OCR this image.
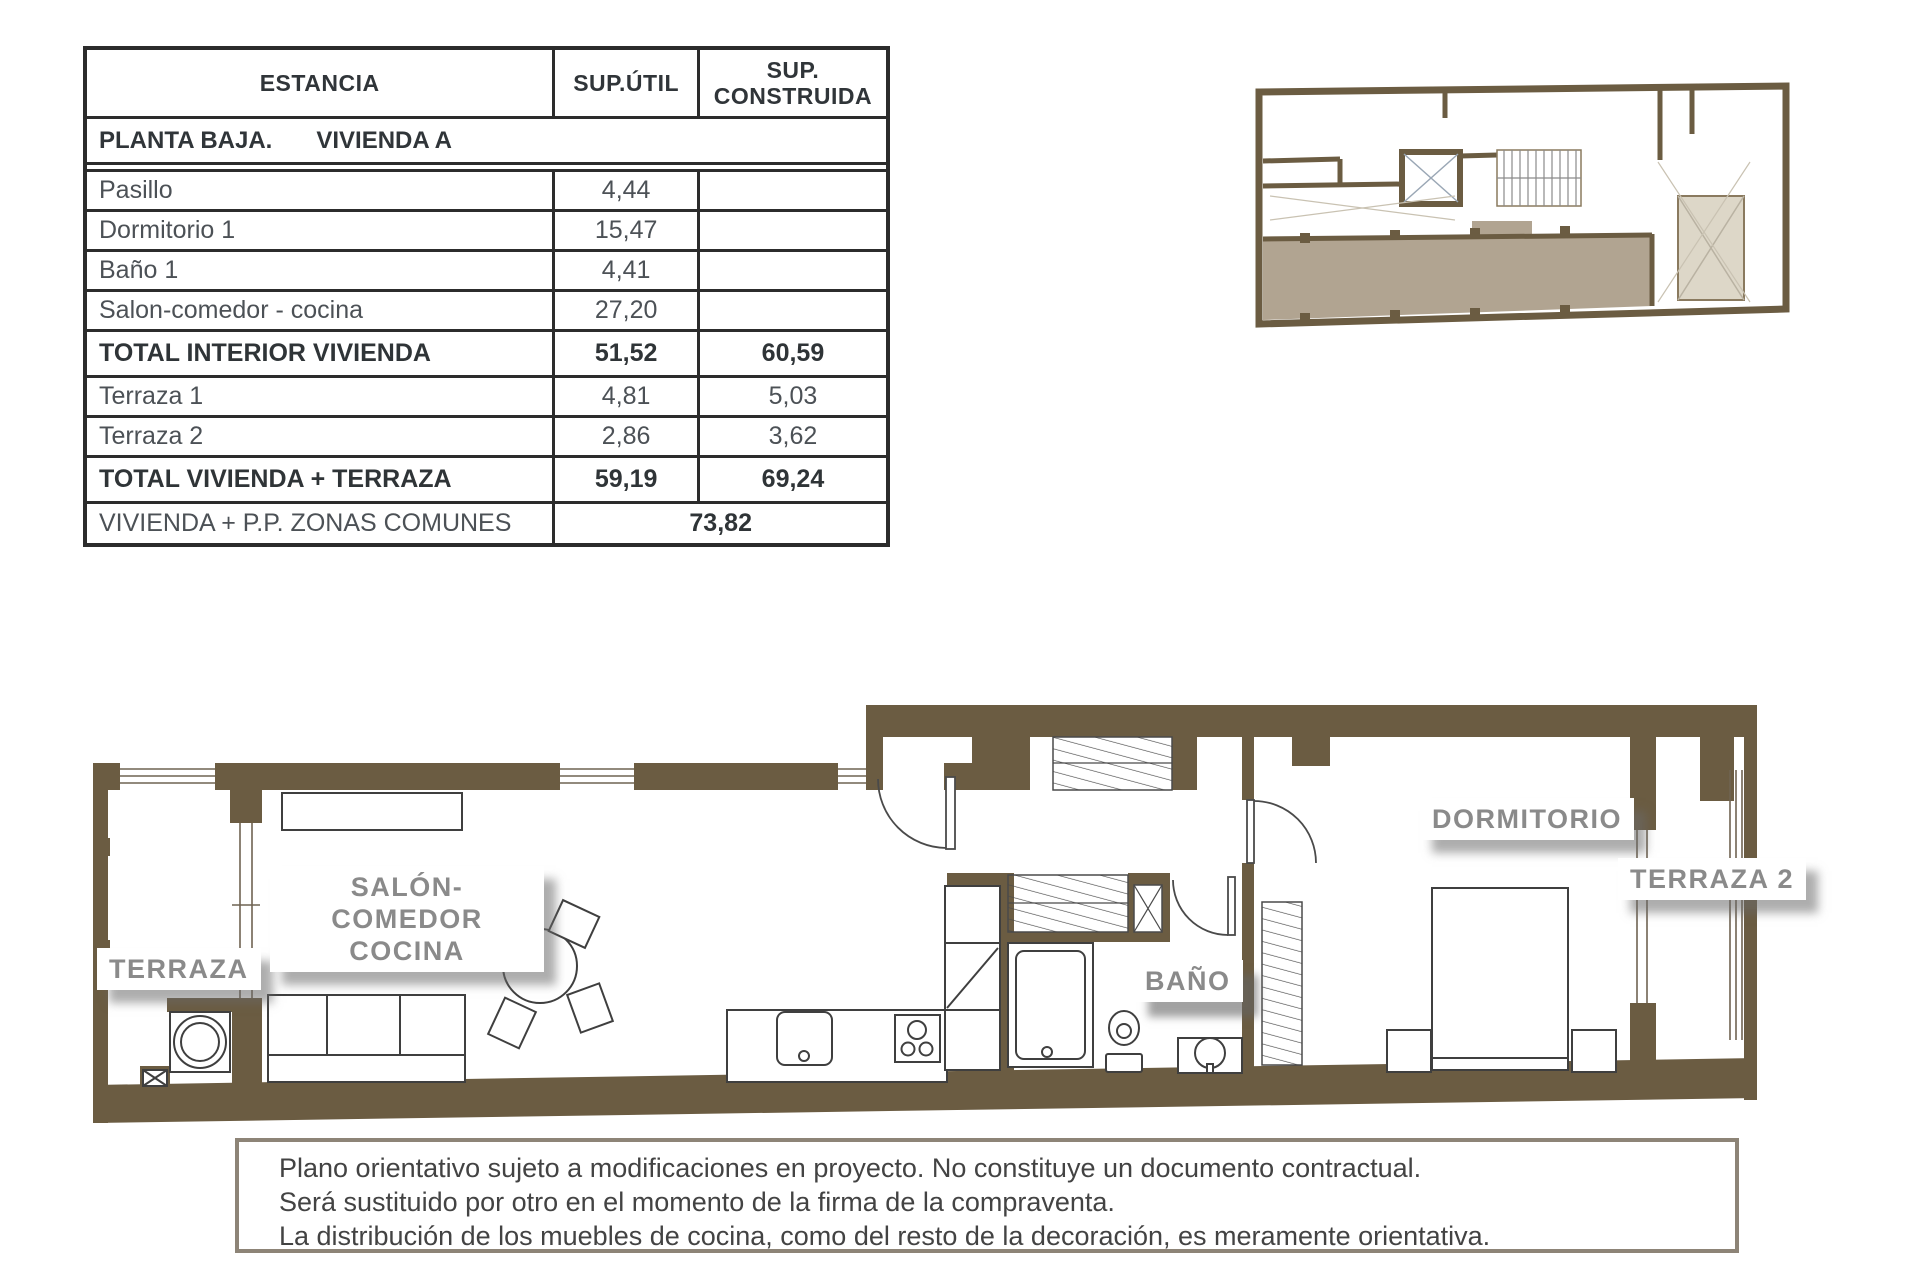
ESTANCIA	SUP.ÚTIL	SUP.
CONSTRUIDA
PLANTA BAJA. VIVIENDA A
Pasillo	4,44
Dormitorio 1	15,47
Baño 1	4,41
Salon-comedor - cocina	27,20
TOTAL INTERIOR VIVIENDA	51,52	60,59
Terraza 1	4,81	5,03
Terraza 2	2,86	3,62
TOTAL VIVIENDA + TERRAZA	59,19	69,24
VIVIENDA + P.P. ZONAS COMUNES	73,82
TERRAZA
SALÓN-COMEDOR
COCINA
BAÑO
DORMITORIO
TERRAZA 2
Plano orientativo sujeto a modificaciones en proyecto. No constituye un documento contractual.
Será sustituido por otro en el momento de la firma de la compraventa.
La distribución de los muebles de cocina, como del resto de la decoración, es meramente orientativa.
